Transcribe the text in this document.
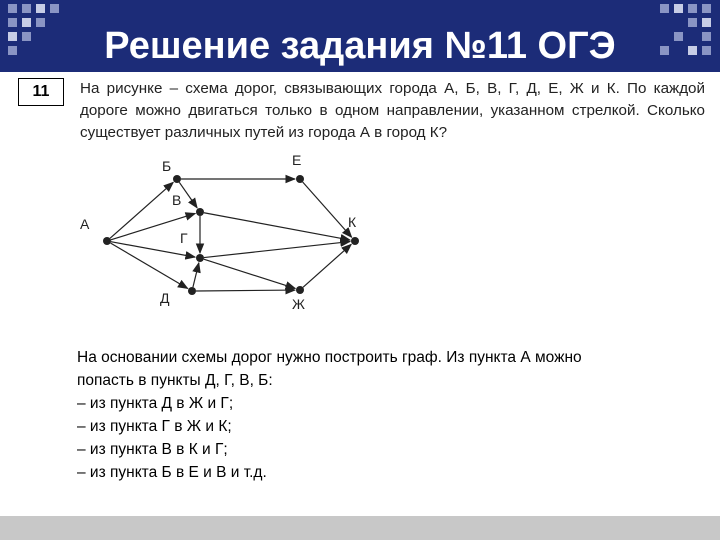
Решение задания №11 ОГЭ
11	На рисунке – схема дорог, связывающих города А, Б, В, Г, Д, Е, Ж и К. По каждой дороге можно двигаться только в одном направлении, указанном стрелкой. Сколько существует различных путей из города А в город К?
А
Б
В
Г
Д
Е
К
Ж
На основании схемы дорог нужно построить граф. Из пункта А можно
попасть в пункты Д, Г, В, Б:
– из пункта Д в Ж и Г;
– из пункта Г в Ж и К;
– из пункта В в К и Г;
– из пункта Б в Е и В и т.д.
